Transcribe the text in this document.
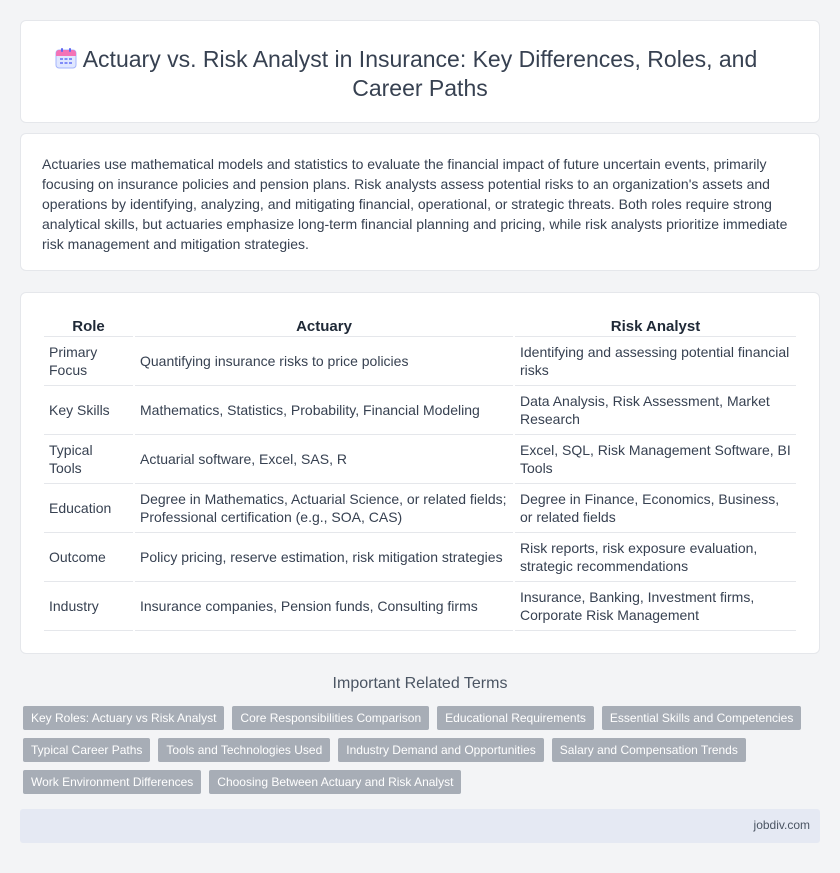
Actuary vs. Risk Analyst in Insurance: Key Differences, Roles, and Career Paths

Actuaries use mathematical models and statistics to evaluate the financial impact of future uncertain events, primarily focusing on insurance policies and pension plans. Risk analysts assess potential risks to an organization's assets and operations by identifying, analyzing, and mitigating financial, operational, or strategic threats. Both roles require strong analytical skills, but actuaries emphasize long-term financial planning and pricing, while risk analysts prioritize immediate risk management and mitigation strategies.

Role	Actuary	Risk Analyst
Primary Focus	Quantifying insurance risks to price policies	Identifying and assessing potential financial risks
Key Skills	Mathematics, Statistics, Probability, Financial Modeling	Data Analysis, Risk Assessment, Market Research
Typical Tools	Actuarial software, Excel, SAS, R	Excel, SQL, Risk Management Software, BI Tools
Education	Degree in Mathematics, Actuarial Science, or related fields; Professional certification (e.g., SOA, CAS)	Degree in Finance, Economics, Business, or related fields
Outcome	Policy pricing, reserve estimation, risk mitigation strategies	Risk reports, risk exposure evaluation, strategic recommendations
Industry	Insurance companies, Pension funds, Consulting firms	Insurance, Banking, Investment firms, Corporate Risk Management
Important Related Terms
Key Roles: Actuary vs Risk Analyst	Core Responsibilities Comparison	Educational Requirements	Essential Skills and Competencies
Typical Career Paths	Tools and Technologies Used	Industry Demand and Opportunities	Salary and Compensation Trends
Work Environment Differences	Choosing Between Actuary and Risk Analyst
jobdiv.com
